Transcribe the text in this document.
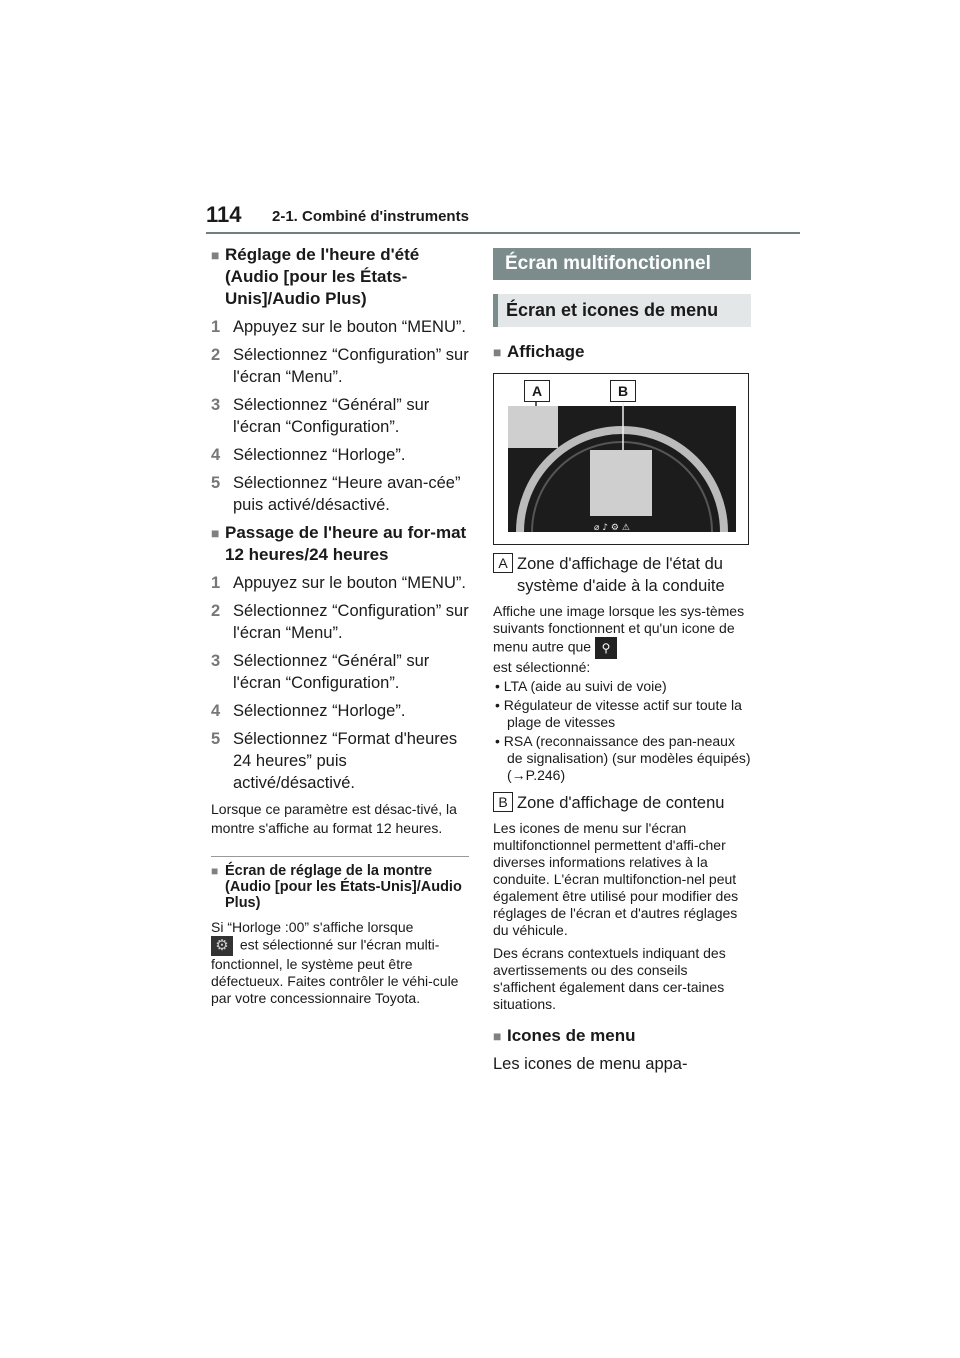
114 2-1. Combiné d'instruments
■ Réglage de l'heure d'été (Audio [pour les États-Unis]/Audio Plus)
1 Appuyez sur le bouton “MENU”.
2 Sélectionnez “Configuration” sur l'écran “Menu”.
3 Sélectionnez “Général” sur l'écran “Configuration”.
4 Sélectionnez “Horloge”.
5 Sélectionnez “Heure avan-cée” puis activé/désactivé.
■ Passage de l'heure au for-mat 12 heures/24 heures
1 Appuyez sur le bouton “MENU”.
2 Sélectionnez “Configuration” sur l'écran “Menu”.
3 Sélectionnez “Général” sur l'écran “Configuration”.
4 Sélectionnez “Horloge”.
5 Sélectionnez “Format d'heures 24 heures” puis activé/désactivé.
Lorsque ce paramètre est désac-tivé, la montre s'affiche au format 12 heures.
■ Écran de réglage de la montre (Audio [pour les États-Unis]/Audio Plus)
Si “Horloge :00” s'affiche lorsque
⚙ est sélectionné sur l'écran multi-fonctionnel, le système peut être défectueux. Faites contrôler le véhi-cule par votre concessionnaire Toyota.
Écran multifonctionnel
Écran et icones de menu
■ Affichage
⌀ ♪ ⚙ ⚠
A	B
A Zone d'affichage de l'état du système d'aide à la conduite
Affiche une image lorsque les sys-tèmes suivants fonctionnent et qu'un icone de menu autre que ⚲
est sélectionné:
• LTA (aide au suivi de voie)
• Régulateur de vitesse actif sur toute la plage de vitesses
• RSA (reconnaissance des pan-neaux de signalisation) (sur modèles équipés) (→P.246)
B Zone d'affichage de contenu
Les icones de menu sur l'écran multifonctionnel permettent d'affi-cher diverses informations relatives à la conduite. L'écran multifonction-nel peut également être utilisé pour modifier des réglages de l'écran et d'autres réglages du véhicule.
Des écrans contextuels indiquant des avertissements ou des conseils s'affichent également dans cer-taines situations.
■ Icones de menu
Les icones de menu appa-
